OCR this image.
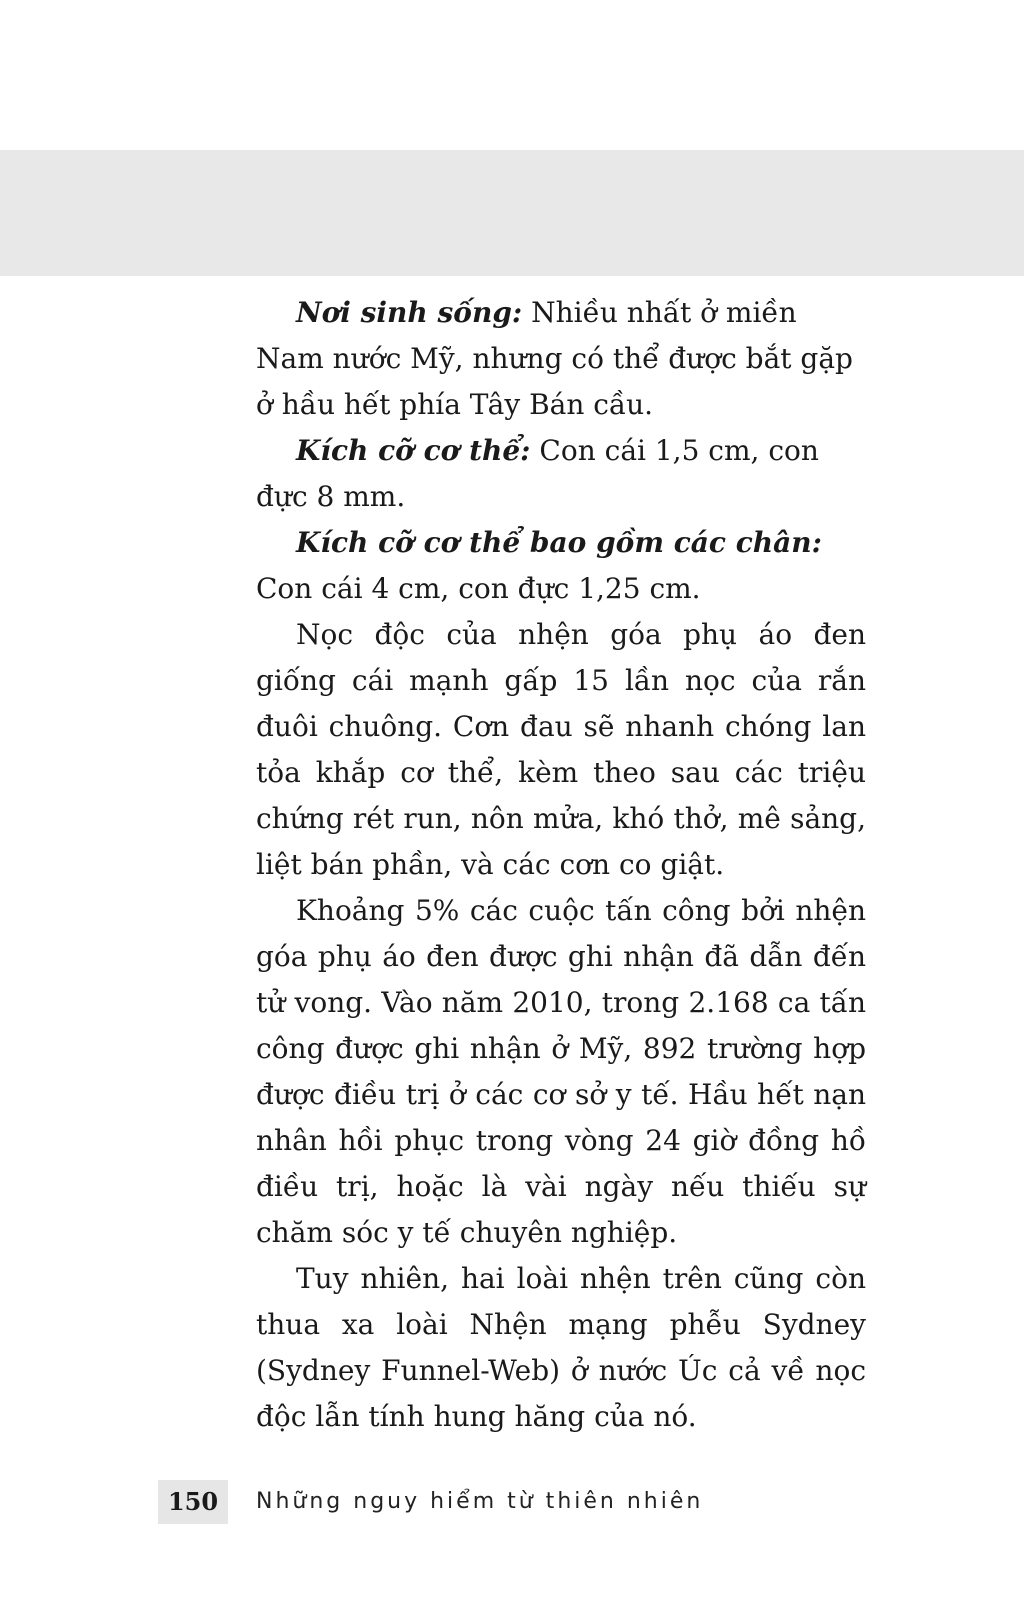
Nơi sinh sống: Nhiều nhất ở miền Nam nước Mỹ, nhưng có thể được bắt gặp ở hầu hết phía Tây Bán cầu.

Kích cỡ cơ thể: Con cái 1,5 cm, con đực 8 mm.

Kích cỡ cơ thể bao gồm các chân: Con cái 4 cm, con đực 1,25 cm.

Nọc độc của nhện góa phụ áo đen giống cái mạnh gấp 15 lần nọc của rắn đuôi chuông. Cơn đau sẽ nhanh chóng lan tỏa khắp cơ thể, kèm theo sau các triệu chứng rét run, nôn mửa, khó thở, mê sảng, liệt bán phần, và các cơn co giật.

Khoảng 5% các cuộc tấn công bởi nhện góa phụ áo đen được ghi nhận đã dẫn đến tử vong. Vào năm 2010, trong 2.168 ca tấn công được ghi nhận ở Mỹ, 892 trường hợp được điều trị ở các cơ sở y tế. Hầu hết nạn nhân hồi phục trong vòng 24 giờ đồng hồ điều trị, hoặc là vài ngày nếu thiếu sự chăm sóc y tế chuyên nghiệp.

Tuy nhiên, hai loài nhện trên cũng còn thua xa loài Nhện mạng phễu Sydney (Sydney Funnel-Web) ở nước Úc cả về nọc độc lẫn tính hung hăng của nó.

150	Những nguy hiểm từ thiên nhiên
